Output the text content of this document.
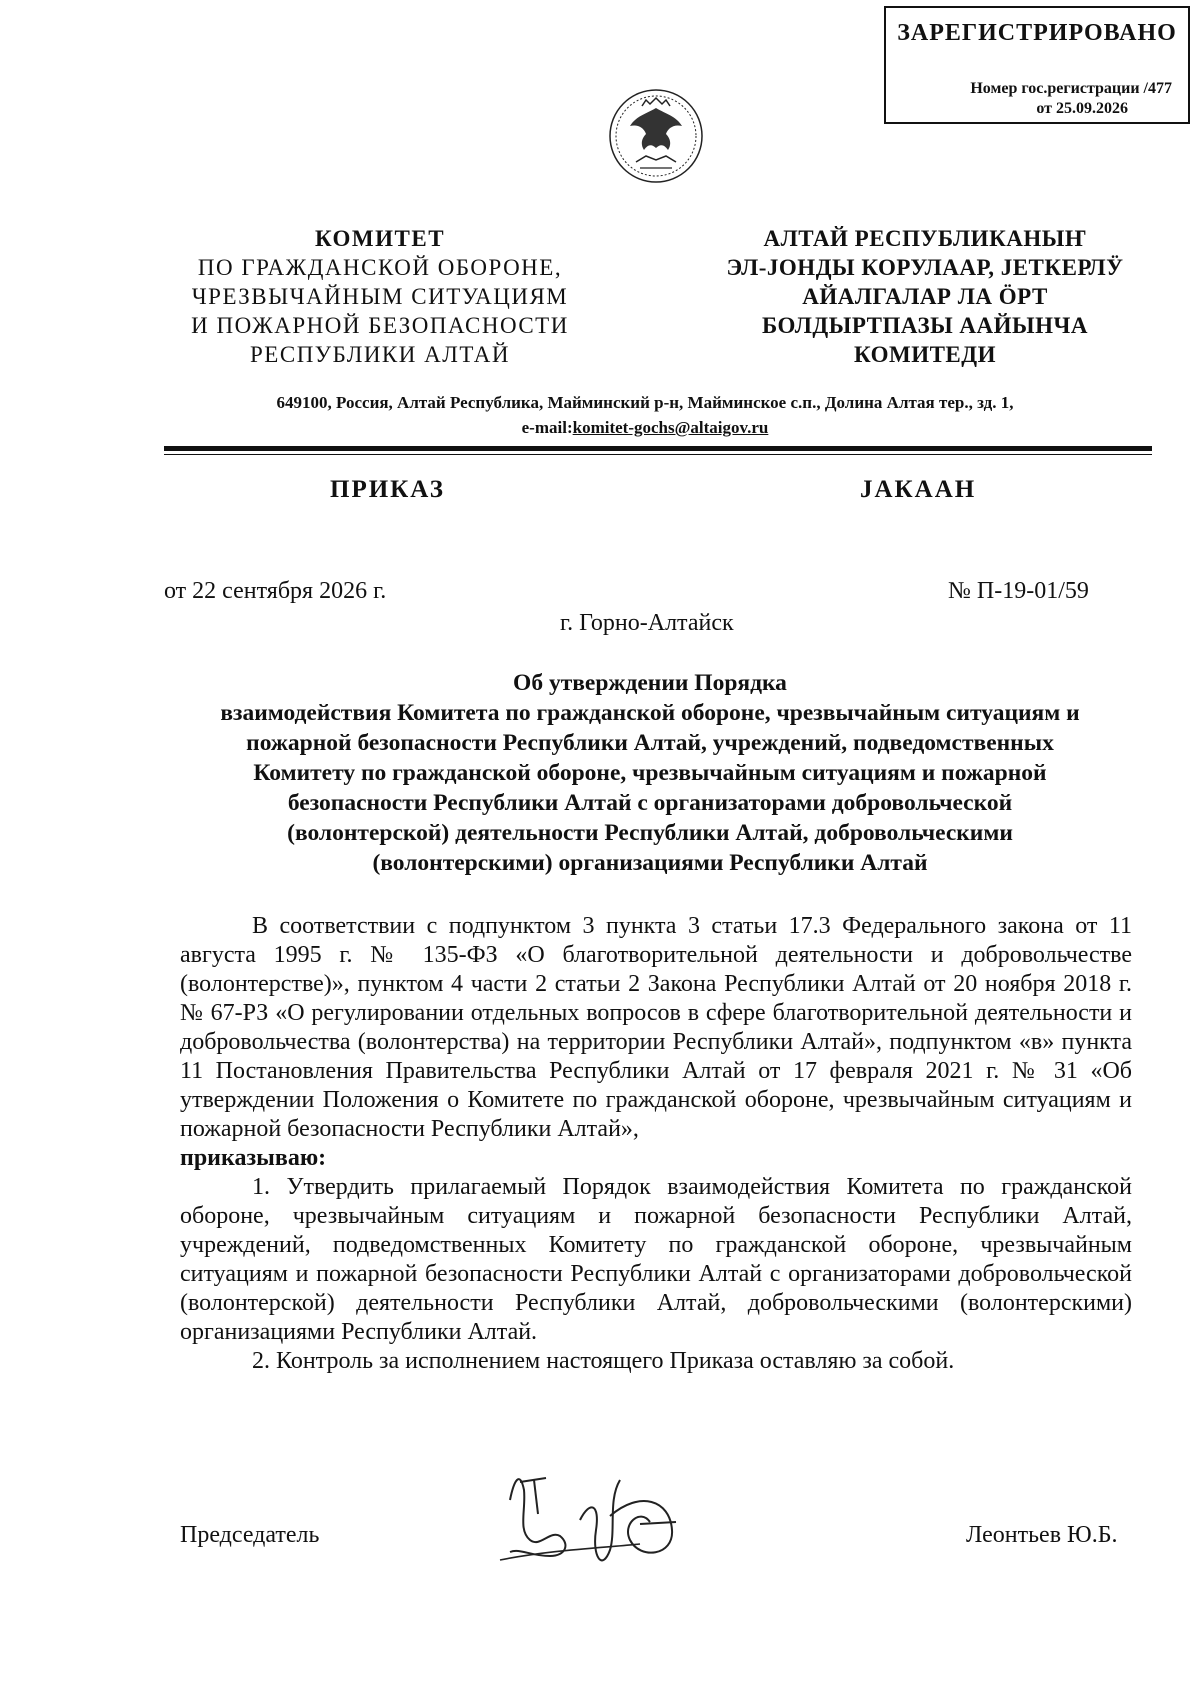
ЗАРЕГИСТРИРОВАНО
Номер гос.регистрации /477
от 25.09.2026
КОМИТЕТ
ПО ГРАЖДАНСКОЙ ОБОРОНЕ,
ЧРЕЗВЫЧАЙНЫМ СИТУАЦИЯМ
И ПОЖАРНОЙ БЕЗОПАСНОСТИ
РЕСПУБЛИКИ АЛТАЙ
АЛТАЙ РЕСПУБЛИКАНЫҤ
ЭЛ-ЈОНДЫ КОРУЛААР, ЈЕТКЕРЛӰ
АЙАЛГАЛАР ЛА ӦРТ
БОЛДЫРТПАЗЫ ААЙЫНЧА
КОМИТЕДИ
649100, Россия, Алтай Республика, Майминский р-н, Майминское с.п., Долина Алтая тер., зд. 1,
e-mail:komitet-gochs@altaigov.ru
ПРИКАЗ	ЈАКААН
от 22 сентября 2026 г.	№ П-19-01/59
г. Горно-Алтайск
Об утверждении Порядка
взаимодействия Комитета по гражданской обороне, чрезвычайным ситуациям и
пожарной безопасности Республики Алтай, учреждений, подведомственных
Комитету по гражданской обороне, чрезвычайным ситуациям и пожарной
безопасности Республики Алтай с организаторами добровольческой
(волонтерской) деятельности Республики Алтай, добровольческими
(волонтерскими) организациями Республики Алтай

В соответствии с подпунктом 3 пункта 3 статьи 17.3 Федерального закона от 11 августа 1995 г. № 135-ФЗ «О благотворительной деятельности и добровольчестве (волонтерстве)», пунктом 4 части 2 статьи 2 Закона Республики Алтай от 20 ноября 2018 г. № 67-РЗ «О регулировании отдельных вопросов в сфере благотворительной деятельности и добровольчества (волонтерства) на территории Республики Алтай», подпунктом «в» пункта 11 Постановления Правительства Республики Алтай от 17 февраля 2021 г. № 31 «Об утверждении Положения о Комитете по гражданской обороне, чрезвычайным ситуациям и пожарной безопасности Республики Алтай»,

приказываю:

1. Утвердить прилагаемый Порядок взаимодействия Комитета по гражданской обороне, чрезвычайным ситуациям и пожарной безопасности Республики Алтай, учреждений, подведомственных Комитету по гражданской обороне, чрезвычайным ситуациям и пожарной безопасности Республики Алтай с организаторами добровольческой (волонтерской) деятельности Республики Алтай, добровольческими (волонтерскими) организациями Республики Алтай.

2. Контроль за исполнением настоящего Приказа оставляю за собой.

Председатель	Леонтьев Ю.Б.
